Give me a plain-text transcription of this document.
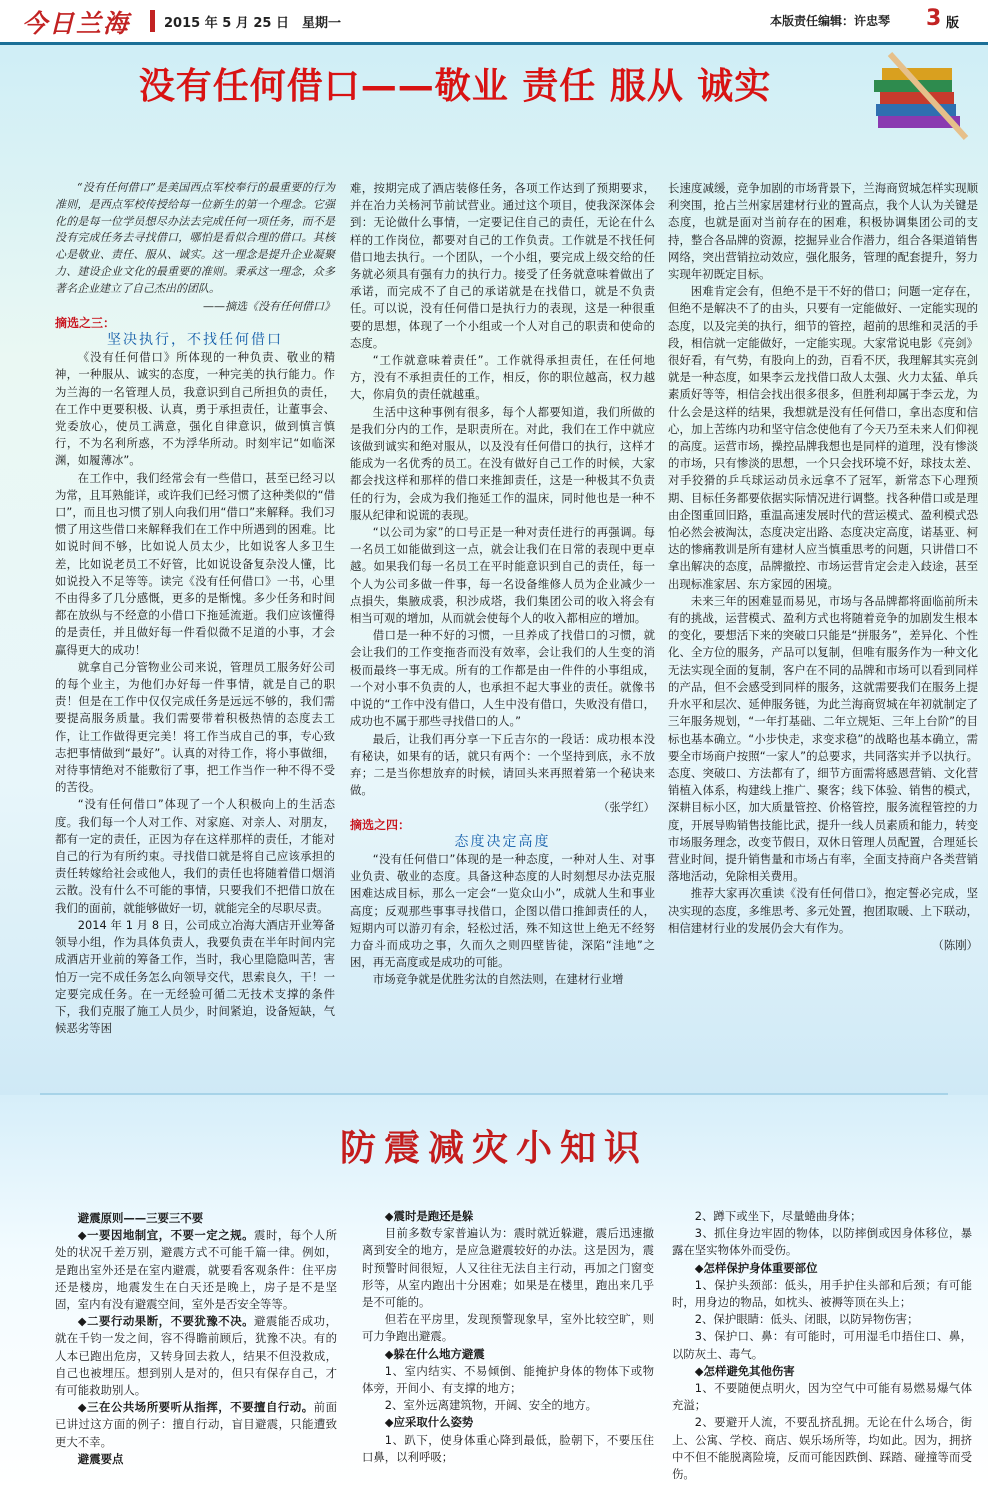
今日兰海	2015 年 5 月 25 日　星期一	本版责任编辑：许忠琴 3 版
没有任何借口——敬业 责任 服从 诚实

“没有任何借口”是美国西点军校奉行的最重要的行为准则，是西点军校传授给每一位新生的第一个理念。它强化的是每一位学员想尽办法去完成任何一项任务，而不是没有完成任务去寻找借口，哪怕是看似合理的借口。其核心是敬业、责任、服从、诚实。这一理念是提升企业凝聚力、建设企业文化的最重要的准则。秉承这一理念，众多著名企业建立了自己杰出的团队。

——摘选《没有任何借口》

摘选之三：

坚决执行，不找任何借口

《没有任何借口》所体现的一种负责、敬业的精神，一种服从、诚实的态度，一种完美的执行能力。作为兰海的一名管理人员，我意识到自己所担负的责任，在工作中更要积极、认真，勇于承担责任，让董事会、党委放心，使员工满意，强化自律意识，做到慎言慎行，不为名利所惑，不为浮华所动。时刻牢记“如临深渊，如履薄冰”。

在工作中，我们经常会有一些借口，甚至已经习以为常，且耳熟能详，或许我们已经习惯了这种类似的“借口”，而且也习惯了别人向我们用“借口”来解释。我们习惯了用这些借口来解释我们在工作中所遇到的困难。比如说时间不够，比如说人员太少，比如说客人多卫生差，比如说老员工不好管，比如说设备复杂没人懂，比如说投入不足等等。读完《没有任何借口》一书，心里不由得多了几分感慨，更多的是惭愧。多少任务和时间都在放纵与不经意的小借口下拖延流逝。我们应该懂得的是责任，并且做好每一件看似微不足道的小事，才会赢得更大的成功！

就拿自己分管物业公司来说，管理员工服务好公司的每个业主，为他们办好每一件事情，就是自己的职责！但是在工作中仅仅完成任务是远远不够的，我们需要提高服务质量。我们需要带着积极热情的态度去工作，让工作做得更完美！将工作当成自己的事，专心致志把事情做到“最好”。认真的对待工作，将小事做细，对待事情绝对不能敷衍了事，把工作当作一种不得不受的苦役。

“没有任何借口”体现了一个人积极向上的生活态度。我们每一个人对工作、对家庭、对亲人、对朋友，都有一定的责任，正因为存在这样那样的责任，才能对自己的行为有所约束。寻找借口就是将自己应该承担的责任转嫁给社会或他人，我们的责任也将随着借口烟消云散。没有什么不可能的事情，只要我们不把借口放在我们的面前，就能够做好一切，就能完全的尽职尽责。

2014 年 1 月 8 日，公司成立冶海大酒店开业筹备领导小组，作为具体负责人，我要负责在半年时间内完成酒店开业前的筹备工作，当时，我心里隐隐叫苦，害怕万一完不成任务怎么向领导交代，思索良久，干！一定要完成任务。在一无经验可循二无技术支撑的条件下，我们克服了施工人员少，时间紧迫，设备短缺，气候恶劣等困

难，按期完成了酒店装修任务，各项工作达到了预期要求，并在冶力关杨河节前试营业。通过这个项目，使我深深体会到：无论做什么事情，一定要记住自己的责任，无论在什么样的工作岗位，都要对自己的工作负责。工作就是不找任何借口地去执行。一个团队，一个小组，要完成上级交给的任务就必须具有强有力的执行力。接受了任务就意味着做出了承诺，而完成不了自己的承诺就是在找借口，就是不负责任。可以说，没有任何借口是执行力的表现，这是一种很重要的思想，体现了一个小组或一个人对自己的职责和使命的态度。

“工作就意味着责任”。工作就得承担责任，在任何地方，没有不承担责任的工作，相反，你的职位越高，权力越大，你肩负的责任就越重。

生活中这种事例有很多，每个人都要知道，我们所做的是我们分内的工作，是职责所在。对此，我们在工作中就应该做到诚实和绝对服从，以及没有任何借口的执行，这样才能成为一名优秀的员工。在没有做好自己工作的时候，大家都会找这样和那样的借口来推卸责任，这是一种极其不负责任的行为，会成为我们拖延工作的温床，同时他也是一种不服从纪律和说谎的表现。

“以公司为家”的口号正是一种对责任进行的再强调。每一名员工如能做到这一点，就会让我们在日常的表现中更卓越。如果我们每一名员工在平时能意识到自己的责任，每一个人为公司多做一件事，每一名设备维修人员为企业减少一点損失，集腋成裘，积沙成塔，我们集团公司的收入将会有相当可观的增加，从而就会使每个人的收入都相应的增加。

借口是一种不好的习惯，一旦养成了找借口的习惯，就会让我们的工作变拖沓而没有效率，会让我们的人生变的消极而最终一事无成。所有的工作都是由一件件的小事组成，一个对小事不负责的人，也承担不起大事业的责任。就像书中说的“工作中没有借口，人生中没有借口，失败没有借口，成功也不属于那些寻找借口的人。”

最后，让我们再分享一下丘吉尔的一段话：成功根本没有秘诀，如果有的话，就只有两个：一个坚持到底，永不放弃；二是当你想放弃的时候，请回头来再照着第一个秘诀来做。

（张学红）

摘选之四：

态度决定高度

“没有任何借口”体现的是一种态度，一种对人生、对事业负责、敬业的态度。具备这种态度的人时刻想尽办法克服困难达成目标，那么一定会“一览众山小”，成就人生和事业高度；反观那些事事寻找借口，企图以借口推卸责任的人，短期内可以游刃有余，轻松过活，殊不知这世上绝无不经努力奋斗而成功之事，久而久之则四壁皆徒，深陷“洼地”之困，再无高度或是成功的可能。

市场竞争就是优胜劣汰的自然法则，在建材行业增

长速度减缓，竞争加剧的市场背景下，兰海商贸城怎样实现顺利突围，抢占兰州家居建材行业的置高点，我个人认为关键是态度，也就是面对当前存在的困难，积极协调集团公司的支持，整合各品牌的资源，挖掘异业合作潜力，组合各渠道销售网络，突出营销拉动效应，强化服务，管理的配套提升，努力实现年初既定目标。

困难肯定会有，但绝不是干不好的借口；问题一定存在，但绝不是解决不了的由头，只要有一定能做好、一定能实现的态度，以及完美的执行，细节的管控，超前的思维和灵活的手段，相信就一定能做好，一定能实现。大家常说电影《亮剑》很好看，有气势，有股向上的劲，百看不厌，我理解其实亮剑就是一种态度，如果李云龙找借口敌人太强、火力太猛、单兵素质好等等，相信会找出很多很多，但胜利却属于李云龙，为什么会是这样的结果，我想就是没有任何借口，拿出态度和信心，加上苦练内功和坚守信念使他有了今天乃至未来人们仰视的高度。运营市场，操控品牌我想也是同样的道理，没有惨淡的市场，只有惨淡的思想，一个只会找环境不好，球技太差、对手狡猾的乒乓球运动员永远拿不了冠军，新常态下心理预期、目标任务都要依据实际情况进行调整。找各种借口或是理由企图重回旧路，重温高速发展时代的营运模式、盈利模式恐怕必然会被淘汰，态度决定出路、态度决定高度，诺基亚、柯达的惨痛教训是所有建材人应当慎重思考的问题，只讲借口不拿出解决的态度，品牌撤控、市场运营肯定会走入歧途，甚至出现标准家居、东方家园的困境。

未来三年的困难显而易见，市场与各品牌都将面临前所未有的挑战，运营模式、盈利方式也将随着竞争的加剧发生根本的变化，要想活下来的突破口只能是“拼服务”，差异化、个性化、全方位的服务，产品可以复制，但唯有服务作为一种文化无法实现全面的复制，客户在不同的品牌和市场可以看到同样的产品，但不会感受到同样的服务，这就需要我们在服务上提升水平和层次、延伸服务链，为此兰海商贸城在年初就制定了三年服务规划，“一年打基础、二年立规矩、三年上台阶”的目标也基本确立。“小步快走，求变求稳”的战略也基本确立，需要全市场商户按照“一家人”的总要求，共同落实并予以执行。态度、突破口、方法都有了，细节方面需将感恩营销、文化营销植入体系，构建线上推广、聚客；线下体验、销售的模式，深耕目标小区，加大质量管控、价格管控，服务流程管控的力度，开展导购销售技能比武，提升一线人员素质和能力，转变市场服务理念，改变节假日，双休日管理人员配置，合理延长营业时间，提升销售量和市场占有率，全面支持商户各类营销落地活动，免除相关费用。

推荐大家再次重读《没有任何借口》，抱定誓必完成，坚决实现的态度，多维思考、多元处置，抱团取暖、上下联动，相信建材行业的发展仍会大有作为。

（陈刚）
防震减灾小知识

避震原则——三要三不要

◆一要因地制宜，不要一定之规。震时，每个人所处的状况千差万别，避震方式不可能千篇一律。例如，是跑出室外还是在室内避震，就要看客观条件：住平房还是楼房，地震发生在白天还是晚上，房子是不是坚固，室内有没有避震空间，室外是否安全等等。

◆二要行动果断，不要犹豫不决。避震能否成功，就在千钧一发之间，容不得瞻前顾后，犹豫不决。有的人本已跑出危房，又转身回去救人，结果不但没救成，自己也被埋压。想到别人是对的，但只有保存自己，才有可能救助别人。

◆三在公共场所要听从指挥，不要擅自行动。前面已讲过这方面的例子：擅自行动，盲目避震，只能遭致更大不幸。

避震要点

◆震时是跑还是躲

目前多数专家普遍认为：震时就近躲避，震后迅速撤离到安全的地方，是应急避震较好的办法。这是因为，震时预警时间很短，人又往往无法自主行动，再加之门窗变形等，从室内跑出十分困难；如果是在楼里，跑出来几乎是不可能的。

但若在平房里，发现预警现象早，室外比较空旷，则可力争跑出避震。

◆躲在什么地方避震

1、室内结实、不易倾倒、能掩护身体的物体下或物体旁，开间小、有支撑的地方；

2、室外远离建筑物，开阔、安全的地方。

◆应采取什么姿势

1、趴下，使身体重心降到最低，脸朝下，不要压住口鼻，以利呼吸；

2、蹲下或坐下，尽量蜷曲身体；

3、抓住身边牢固的物体，以防摔倒或因身体移位，暴露在坚实物体外而受伤。

◆怎样保护身体重要部位

1、保护头颈部：低头，用手护住头部和后颈；有可能时，用身边的物品，如枕头、被褥等顶在头上；

2、保护眼睛：低头、闭眼，以防异物伤害；

3、保护口、鼻：有可能时，可用湿毛巾捂住口、鼻，以防灰土、毒气。

◆怎样避免其他伤害

1、不要随便点明火，因为空气中可能有易燃易爆气体充溢；

2、要避开人流，不要乱挤乱拥。无论在什么场合，街上、公寓、学校、商店、娱乐场所等，均如此。因为，拥挤中不但不能脱离险境，反而可能因跌倒、踩踏、碰撞等而受伤。
